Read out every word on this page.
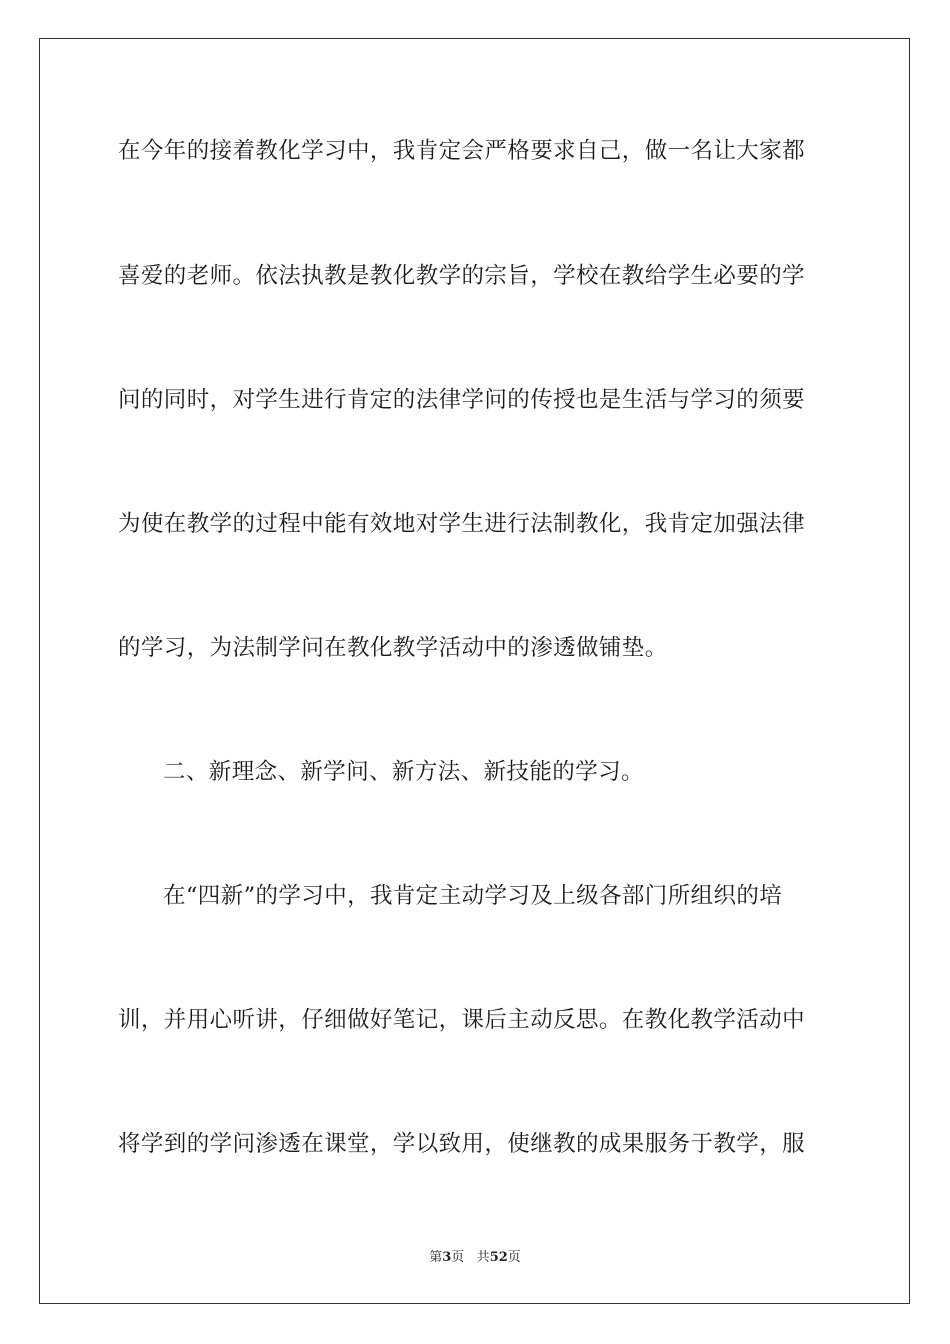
在今年的接着教化学习中，我肯定会严格要求自己，做一名让大家都
喜爱的老师。依法执教是教化教学的宗旨，学校在教给学生必要的学
问的同时，对学生进行肯定的法律学问的传授也是生活与学习的须要
为使在教学的过程中能有效地对学生进行法制教化，我肯定加强法律
的学习，为法制学问在教化教学活动中的渗透做铺垫。
二、新理念、新学问、新方法、新技能的学习。
在“四新”的学习中，我肯定主动学习及上级各部门所组织的培
训，并用心听讲，仔细做好笔记，课后主动反思。在教化教学活动中
将学到的学问渗透在课堂，学以致用，使继教的成果服务于教学，服
第3页 共52页
